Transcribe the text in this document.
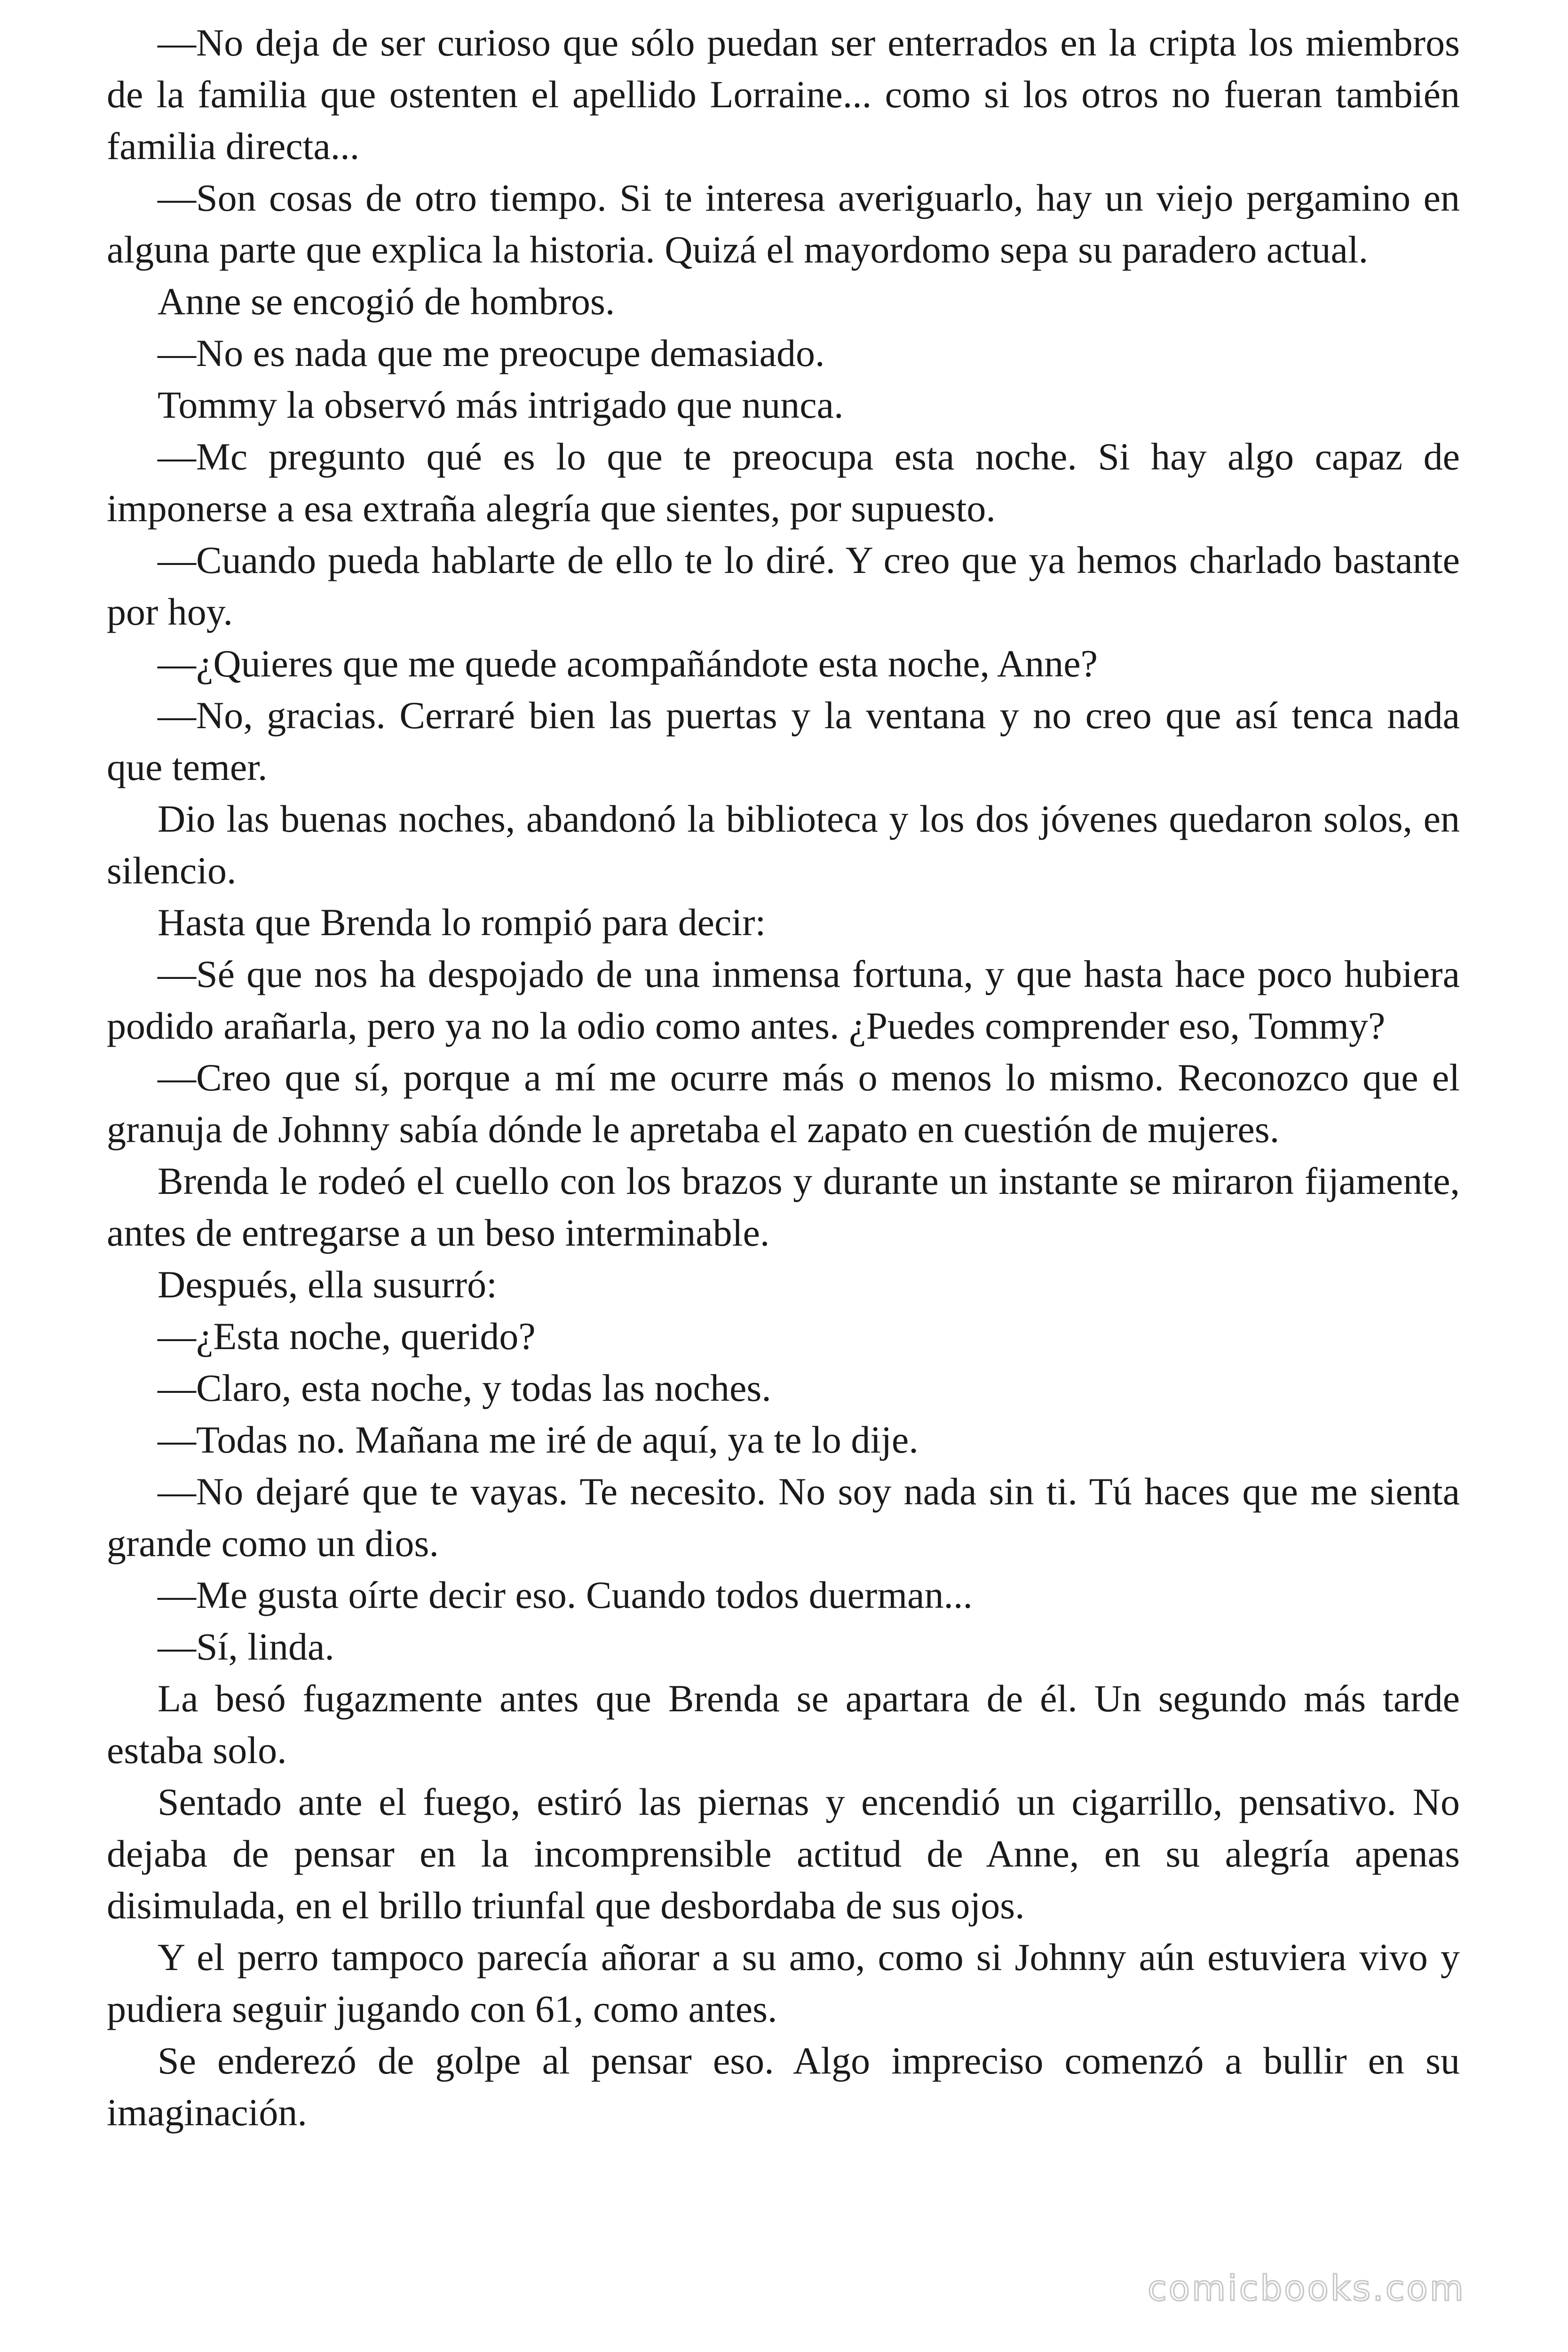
—No deja de ser curioso que sólo puedan ser enterrados en la cripta los miembros de la familia que ostenten el apellido Lorraine... como si los otros no fueran también familia directa...

—Son cosas de otro tiempo. Si te interesa averiguarlo, hay un viejo pergamino en alguna parte que explica la historia. Quizá el mayordomo sepa su paradero actual.

Anne se encogió de hombros.

—No es nada que me preocupe demasiado.

Tommy la observó más intrigado que nunca.

—Mc pregunto qué es lo que te preocupa esta noche. Si hay algo capaz de imponerse a esa extraña alegría que sientes, por supuesto.

—Cuando pueda hablarte de ello te lo diré. Y creo que ya hemos charlado bastante por hoy.

—¿Quieres que me quede acompañándote esta noche, Anne?

—No, gracias. Cerraré bien las puertas y la ventana y no creo que así tenca nada que temer.

Dio las buenas noches, abandonó la biblioteca y los dos jóvenes quedaron solos, en silencio.

Hasta que Brenda lo rompió para decir:

—Sé que nos ha despojado de una inmensa fortuna, y que hasta hace poco hubiera podido arañarla, pero ya no la odio como antes. ¿Puedes comprender eso, Tommy?

—Creo que sí, porque a mí me ocurre más o menos lo mismo. Reconozco que el granuja de Johnny sabía dónde le apretaba el zapato en cuestión de mujeres.

Brenda le rodeó el cuello con los brazos y durante un instante se miraron fijamente, antes de entregarse a un beso interminable.

Después, ella susurró:

—¿Esta noche, querido?

—Claro, esta noche, y todas las noches.

—Todas no. Mañana me iré de aquí, ya te lo dije.

—No dejaré que te vayas. Te necesito. No soy nada sin ti. Tú haces que me sienta grande como un dios.

—Me gusta oírte decir eso. Cuando todos duerman...

—Sí, linda.

La besó fugazmente antes que Brenda se apartara de él. Un segundo más tarde estaba solo.

Sentado ante el fuego, estiró las piernas y encendió un cigarrillo, pensativo. No dejaba de pensar en la incomprensible actitud de Anne, en su alegría apenas disimulada, en el brillo triunfal que desbordaba de sus ojos.

Y el perro tampoco parecía añorar a su amo, como si Johnny aún estuviera vivo y pudiera seguir jugando con 61, como antes.

Se enderezó de golpe al pensar eso. Algo impreciso comenzó a bullir en su imaginación.

comicbooks.com
